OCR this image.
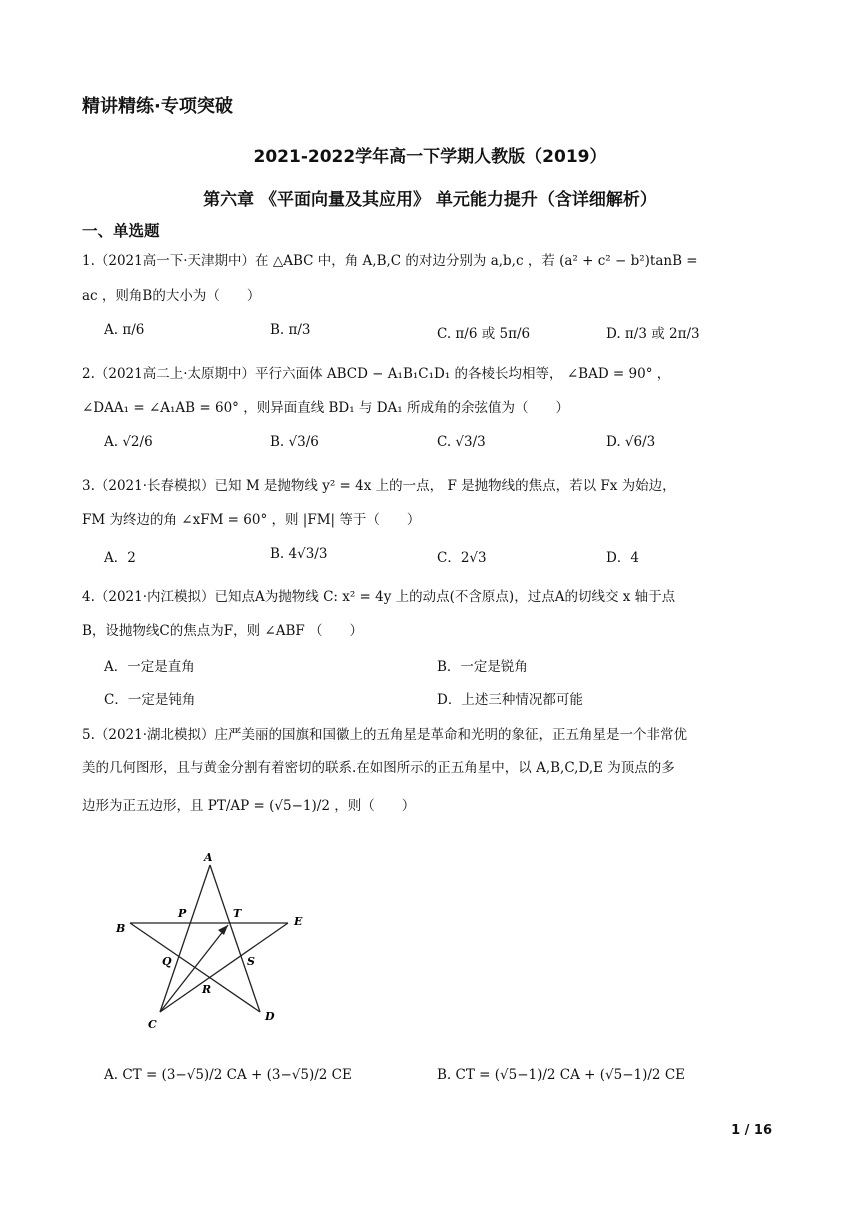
精讲精练·专项突破
2021-2022学年高一下学期人教版（2019）
第六章 《平面向量及其应用》 单元能力提升（含详细解析）
一、单选题
1.（2021高一下·天津期中）在 △ABC 中，角 A,B,C 的对边分别为 a,b,c ，若 (a² + c² − b²)tanB =
ac ，则角B的大小为（　　）
A. π/6	B. π/3	C. π/6 或 5π/6	D. π/3 或 2π/3
2.（2021高二上·太原期中）平行六面体 ABCD − A₁B₁C₁D₁ 的各棱长均相等， ∠BAD = 90° ，
∠DAA₁ = ∠A₁AB = 60° ，则异面直线 BD₁ 与 DA₁ 所成角的余弦值为（　　）
A. √2/6	B. √3/6	C. √3/3	D. √6/3
3.（2021·长春模拟）已知 M 是抛物线 y² = 4x 上的一点， F 是抛物线的焦点，若以 Fx 为始边，
FM 为终边的角 ∠xFM = 60° ，则 |FM| 等于（　　）
A．2	B. 4√3/3	C．2√3	D．4
4.（2021·内江模拟）已知点A为抛物线 C: x² = 4y 上的动点(不含原点)，过点A的切线交 x 轴于点
B，设抛物线C的焦点为F，则 ∠ABF （　　）
A．一定是直角	B．一定是锐角
C．一定是钝角	D．上述三种情况都可能
5.（2021·湖北模拟）庄严美丽的国旗和国徽上的五角星是革命和光明的象征，正五角星是一个非常优
美的几何图形，且与黄金分割有着密切的联系.在如图所示的正五角星中，以 A,B,C,D,E 为顶点的多
边形为正五边形，且 PT/AP = (√5−1)/2 ，则（　　）
A
B
C
D
E
P	T
Q	S
R
A. CT = (3−√5)/2 CA + (3−√5)/2 CE	B. CT = (√5−1)/2 CA + (√5−1)/2 CE
1 / 16
